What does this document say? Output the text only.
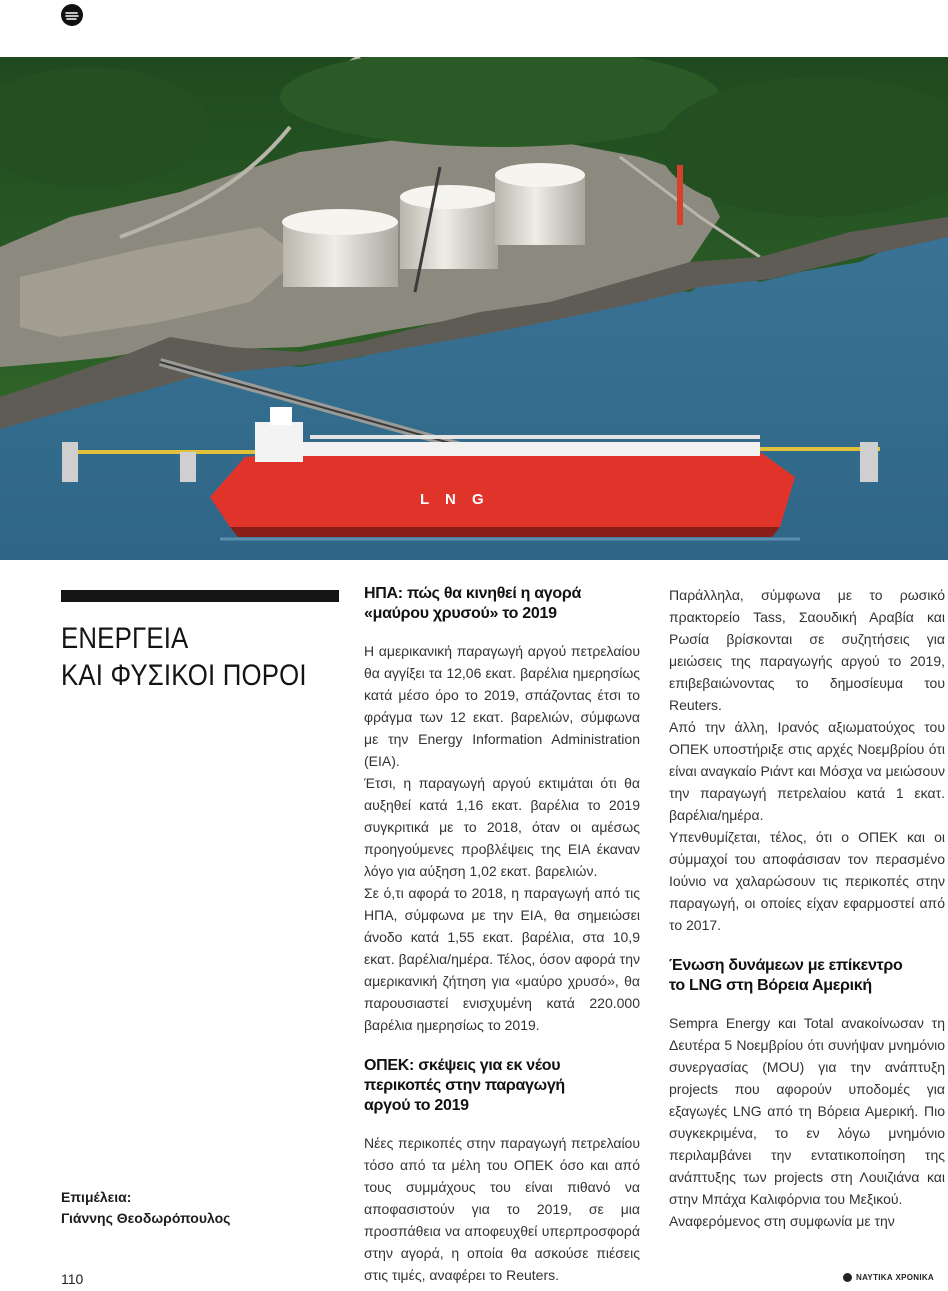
L N G
ΕΝΕΡΓΕΙΑ
ΚΑΙ ΦΥΣΙΚΟΙ ΠΟΡΟΙ
Επιμέλεια:
Γιάννης Θεοδωρόπουλος
ΗΠΑ: πώς θα κινηθεί η αγορά
«μαύρου χρυσού» το 2019

Η αμερικανική παραγωγή αργού πετρελαίου θα αγγίξει τα 12,06 εκατ. βαρέλια ημερησίως κατά μέσο όρο το 2019, σπάζοντας έτσι το φράγμα των 12 εκατ. βαρελιών, σύμφωνα με την Energy Information Administration (EIA).

Έτσι, η παραγωγή αργού εκτιμάται ότι θα αυξηθεί κατά 1,16 εκατ. βαρέλια το 2019 συγκριτικά με το 2018, όταν οι αμέσως προηγούμενες προβλέψεις της EIA έκαναν λόγο για αύξηση 1,02 εκατ. βαρελιών.

Σε ό,τι αφορά το 2018, η παραγωγή από τις ΗΠΑ, σύμφωνα με την EIA, θα σημειώσει άνοδο κατά 1,55 εκατ. βαρέλια, στα 10,9 εκατ. βαρέλια/ημέρα. Τέλος, όσον αφορά την αμερικανική ζήτηση για «μαύρο χρυσό», θα παρουσιαστεί ενισχυμένη κατά 220.000 βαρέλια ημερησίως το 2019.

ΟΠΕΚ: σκέψεις για εκ νέου
περικοπές στην παραγωγή
αργού το 2019

Νέες περικοπές στην παραγωγή πετρελαίου τόσο από τα μέλη του ΟΠΕΚ όσο και από τους συμμάχους του είναι πιθανό να αποφασιστούν για το 2019, σε μια προσπάθεια να αποφευχθεί υπερπροσφορά στην αγορά, η οποία θα ασκούσε πιέσεις στις τιμές, αναφέρει το Reuters.

Παράλληλα, σύμφωνα με το ρωσικό πρακτορείο Tass, Σαουδική Αραβία και Ρωσία βρίσκονται σε συζητήσεις για μειώσεις της παραγωγής αργού το 2019, επιβεβαιώνοντας το δημοσίευμα του Reuters.

Από την άλλη, Ιρανός αξιωματούχος του ΟΠΕΚ υποστήριξε στις αρχές Νοεμβρίου ότι είναι αναγκαίο Ριάντ και Μόσχα να μειώσουν την παραγωγή πετρελαίου κατά 1 εκατ. βαρέλια/ημέρα.

Υπενθυμίζεται, τέλος, ότι ο ΟΠΕΚ και οι σύμμαχοί του αποφάσισαν τον περασμένο Ιούνιο να χαλαρώσουν τις περικοπές στην παραγωγή, οι οποίες είχαν εφαρμοστεί από το 2017.

Ένωση δυνάμεων με επίκεντρο
το LNG στη Βόρεια Αμερική

Sempra Energy και Total ανακοίνωσαν τη Δευτέρα 5 Νοεμβρίου ότι συνήψαν μνημόνιο συνεργασίας (MOU) για την ανάπτυξη projects που αφορούν υποδομές για εξαγωγές LNG από τη Βόρεια Αμερική. Πιο συγκεκριμένα, το εν λόγω μνημόνιο περιλαμβάνει την εντατικοποίηση της ανάπτυξης των projects στη Λουιζιάνα και στην Μπάχα Καλιφόρνια του Μεξικού.

Αναφερόμενος στη συμφωνία με την

110	ΝΑΥΤΙΚΑ ΧΡΟΝΙΚΑ
